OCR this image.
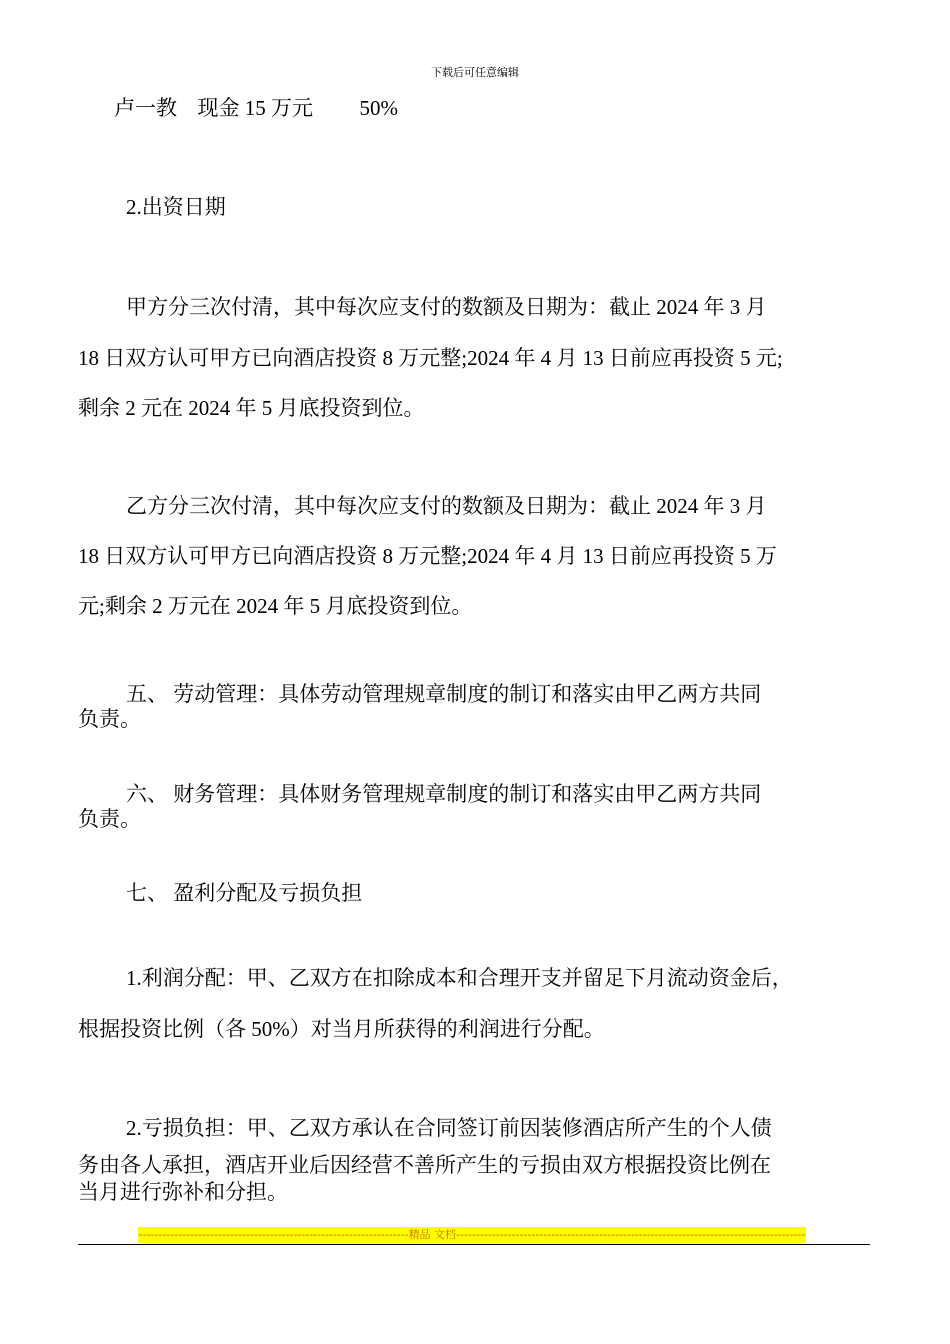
下载后可任意编辑
卢一教 现金 15 万元 50%
2.出资日期
甲方分三次付清，其中每次应支付的数额及日期为：截止 2024 年 3 月
18 日双方认可甲方已向酒店投资 8 万元整;2024 年 4 月 13 日前应再投资 5 元;
剩余 2 元在 2024 年 5 月底投资到位。
乙方分三次付清，其中每次应支付的数额及日期为：截止 2024 年 3 月
18 日双方认可甲方已向酒店投资 8 万元整;2024 年 4 月 13 日前应再投资 5 万
元;剩余 2 万元在 2024 年 5 月底投资到位。
五、 劳动管理：具体劳动管理规章制度的制订和落实由甲乙两方共同
负责。
六、 财务管理：具体财务管理规章制度的制订和落实由甲乙两方共同
负责。
七、 盈利分配及亏损负担
1.利润分配：甲、乙双方在扣除成本和合理开支并留足下月流动资金后，
根据投资比例（各 50%）对当月所获得的利润进行分配。
2.亏损负担：甲、乙双方承认在合同签订前因装修酒店所产生的个人债
务由各人承担，酒店开业后因经营不善所产生的亏损由双方根据投资比例在
当月进行弥补和分担。
--------------------------------------------------------------------精品 文档----------------------------------------------------------------------------------------
